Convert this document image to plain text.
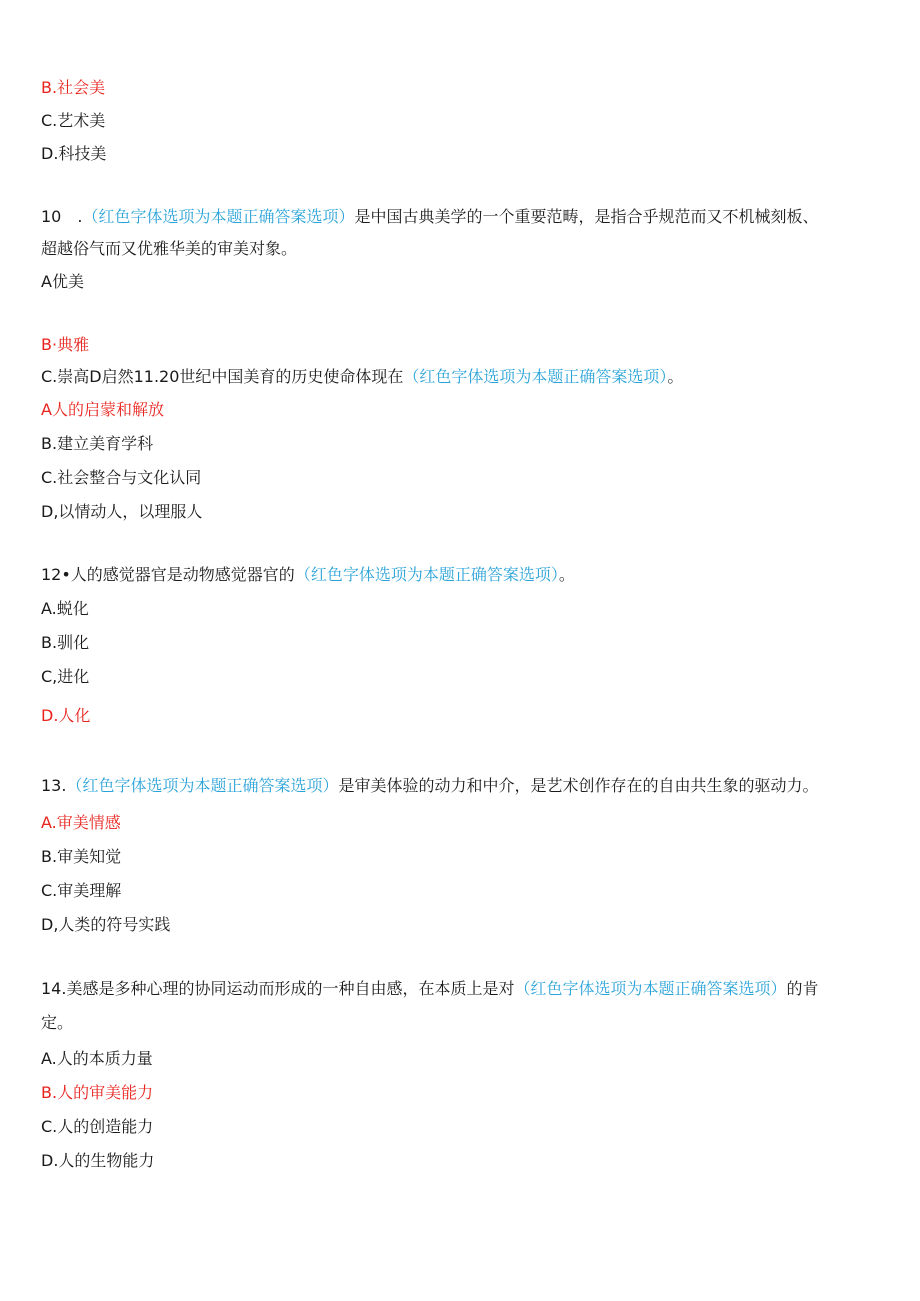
B.社会美
C.艺术美
D.科技美
10　.（红色字体选项为本题正确答案选项）是中国古典美学的一个重要范畴，是指合乎规范而又不机械刻板、
超越俗气而又优雅华美的审美对象。
A优美
B·典雅
C.崇高D启然11.20世纪中国美育的历史使命体现在（红色字体选项为本题正确答案选项）。
A人的启蒙和解放
B.建立美育学科
C.社会整合与文化认同
D,以情动人，以理服人
12•人的感觉器官是动物感觉器官的（红色字体选项为本题正确答案选项）。
A.蜕化
B.驯化
C,进化
D.人化
13.（红色字体选项为本题正确答案选项）是审美体验的动力和中介，是艺术创作存在的自由共生象的驱动力。
A.审美情感
B.审美知觉
C.审美理解
D,人类的符号实践
14.美感是多种心理的协同运动而形成的一种自由感，在本质上是对（红色字体选项为本题正确答案选项）的肯
定。
A.人的本质力量
B.人的审美能力
C.人的创造能力
D.人的生物能力
